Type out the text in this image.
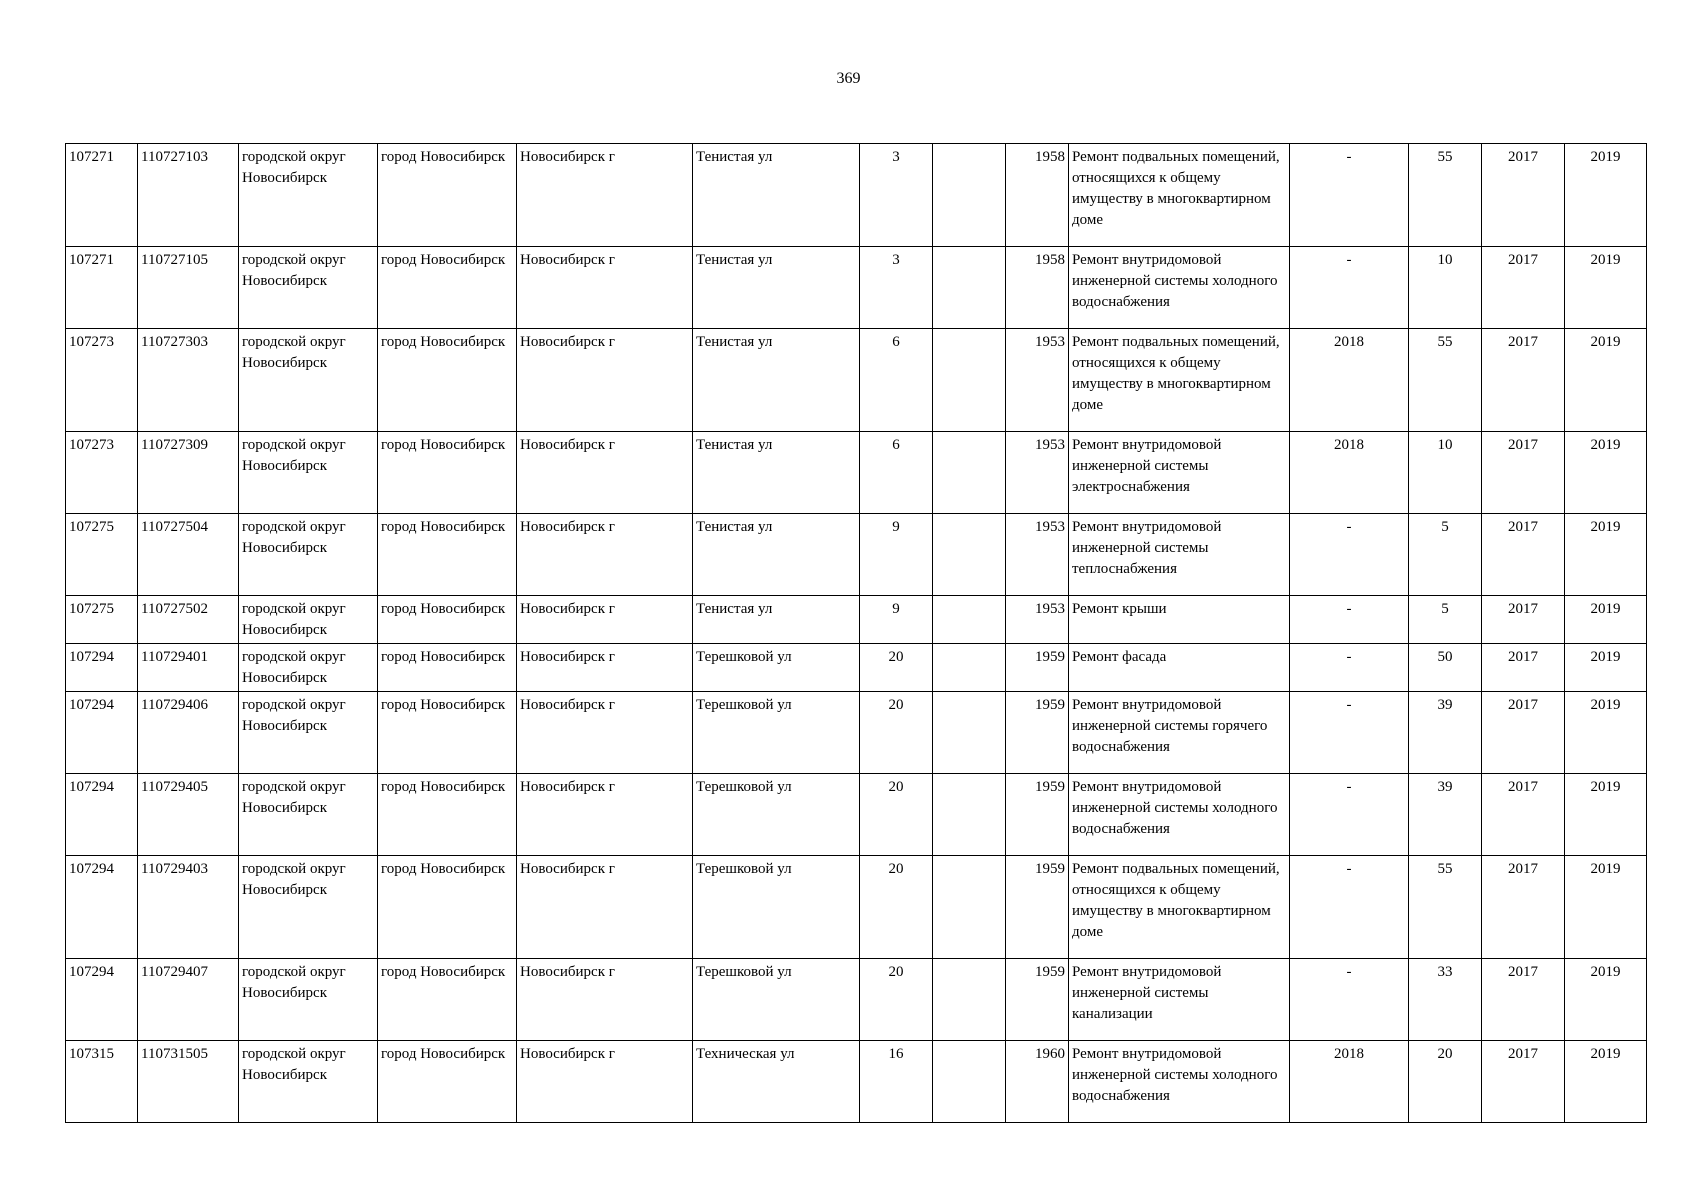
369
107271	110727103	городской округ Новосибирск	город Новосибирск	Новосибирск г	Тенистая ул	3		1958	Ремонт подвальных помещений, относящихся к общему имуществу в многоквартирном доме	-	55	2017	2019
107271	110727105	городской округ Новосибирск	город Новосибирск	Новосибирск г	Тенистая ул	3		1958	Ремонт внутридомовой инженерной системы холодного водоснабжения	-	10	2017	2019
107273	110727303	городской округ Новосибирск	город Новосибирск	Новосибирск г	Тенистая ул	6		1953	Ремонт подвальных помещений, относящихся к общему имуществу в многоквартирном доме	2018	55	2017	2019
107273	110727309	городской округ Новосибирск	город Новосибирск	Новосибирск г	Тенистая ул	6		1953	Ремонт внутридомовой инженерной системы электроснабжения	2018	10	2017	2019
107275	110727504	городской округ Новосибирск	город Новосибирск	Новосибирск г	Тенистая ул	9		1953	Ремонт внутридомовой инженерной системы теплоснабжения	-	5	2017	2019
107275	110727502	городской округ Новосибирск	город Новосибирск	Новосибирск г	Тенистая ул	9		1953	Ремонт крыши	-	5	2017	2019
107294	110729401	городской округ Новосибирск	город Новосибирск	Новосибирск г	Терешковой ул	20		1959	Ремонт фасада	-	50	2017	2019
107294	110729406	городской округ Новосибирск	город Новосибирск	Новосибирск г	Терешковой ул	20		1959	Ремонт внутридомовой инженерной системы горячего водоснабжения	-	39	2017	2019
107294	110729405	городской округ Новосибирск	город Новосибирск	Новосибирск г	Терешковой ул	20		1959	Ремонт внутридомовой инженерной системы холодного водоснабжения	-	39	2017	2019
107294	110729403	городской округ Новосибирск	город Новосибирск	Новосибирск г	Терешковой ул	20		1959	Ремонт подвальных помещений, относящихся к общему имуществу в многоквартирном доме	-	55	2017	2019
107294	110729407	городской округ Новосибирск	город Новосибирск	Новосибирск г	Терешковой ул	20		1959	Ремонт внутридомовой инженерной системы канализации	-	33	2017	2019
107315	110731505	городской округ Новосибирск	город Новосибирск	Новосибирск г	Техническая ул	16		1960	Ремонт внутридомовой инженерной системы холодного водоснабжения	2018	20	2017	2019
